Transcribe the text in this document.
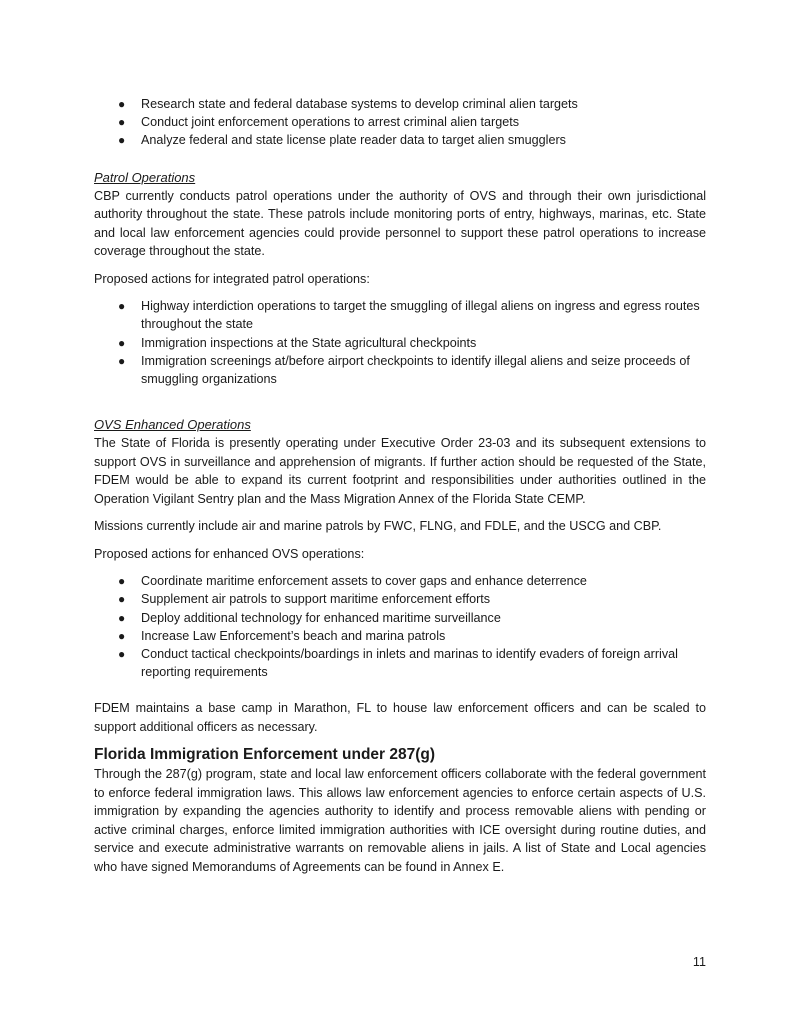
● Research state and federal database systems to develop criminal alien targets
● Conduct joint enforcement operations to arrest criminal alien targets
● Analyze federal and state license plate reader data to target alien smugglers

Patrol Operations

CBP currently conducts patrol operations under the authority of OVS and through their own jurisdictional authority throughout the state. These patrols include monitoring ports of entry, highways, marinas, etc. State and local law enforcement agencies could provide personnel to support these patrol operations to increase coverage throughout the state.

Proposed actions for integrated patrol operations:

● Highway interdiction operations to target the smuggling of illegal aliens on ingress and egress routes throughout the state
● Immigration inspections at the State agricultural checkpoints
● Immigration screenings at/before airport checkpoints to identify illegal aliens and seize proceeds of smuggling organizations

OVS Enhanced Operations

The State of Florida is presently operating under Executive Order 23-03 and its subsequent extensions to support OVS in surveillance and apprehension of migrants. If further action should be requested of the State, FDEM would be able to expand its current footprint and responsibilities under authorities outlined in the Operation Vigilant Sentry plan and the Mass Migration Annex of the Florida State CEMP.

Missions currently include air and marine patrols by FWC, FLNG, and FDLE, and the USCG and CBP.

Proposed actions for enhanced OVS operations:

● Coordinate maritime enforcement assets to cover gaps and enhance deterrence
● Supplement air patrols to support maritime enforcement efforts
● Deploy additional technology for enhanced maritime surveillance
● Increase Law Enforcement’s beach and marina patrols
● Conduct tactical checkpoints/boardings in inlets and marinas to identify evaders of foreign arrival reporting requirements

FDEM maintains a base camp in Marathon, FL to house law enforcement officers and can be scaled to support additional officers as necessary.

Florida Immigration Enforcement under 287(g)

Through the 287(g) program, state and local law enforcement officers collaborate with the federal government to enforce federal immigration laws. This allows law enforcement agencies to enforce certain aspects of U.S. immigration by expanding the agencies authority to identify and process removable aliens with pending or active criminal charges, enforce limited immigration authorities with ICE oversight during routine duties, and service and execute administrative warrants on removable aliens in jails. A list of State and Local agencies who have signed Memorandums of Agreements can be found in Annex E.

11
